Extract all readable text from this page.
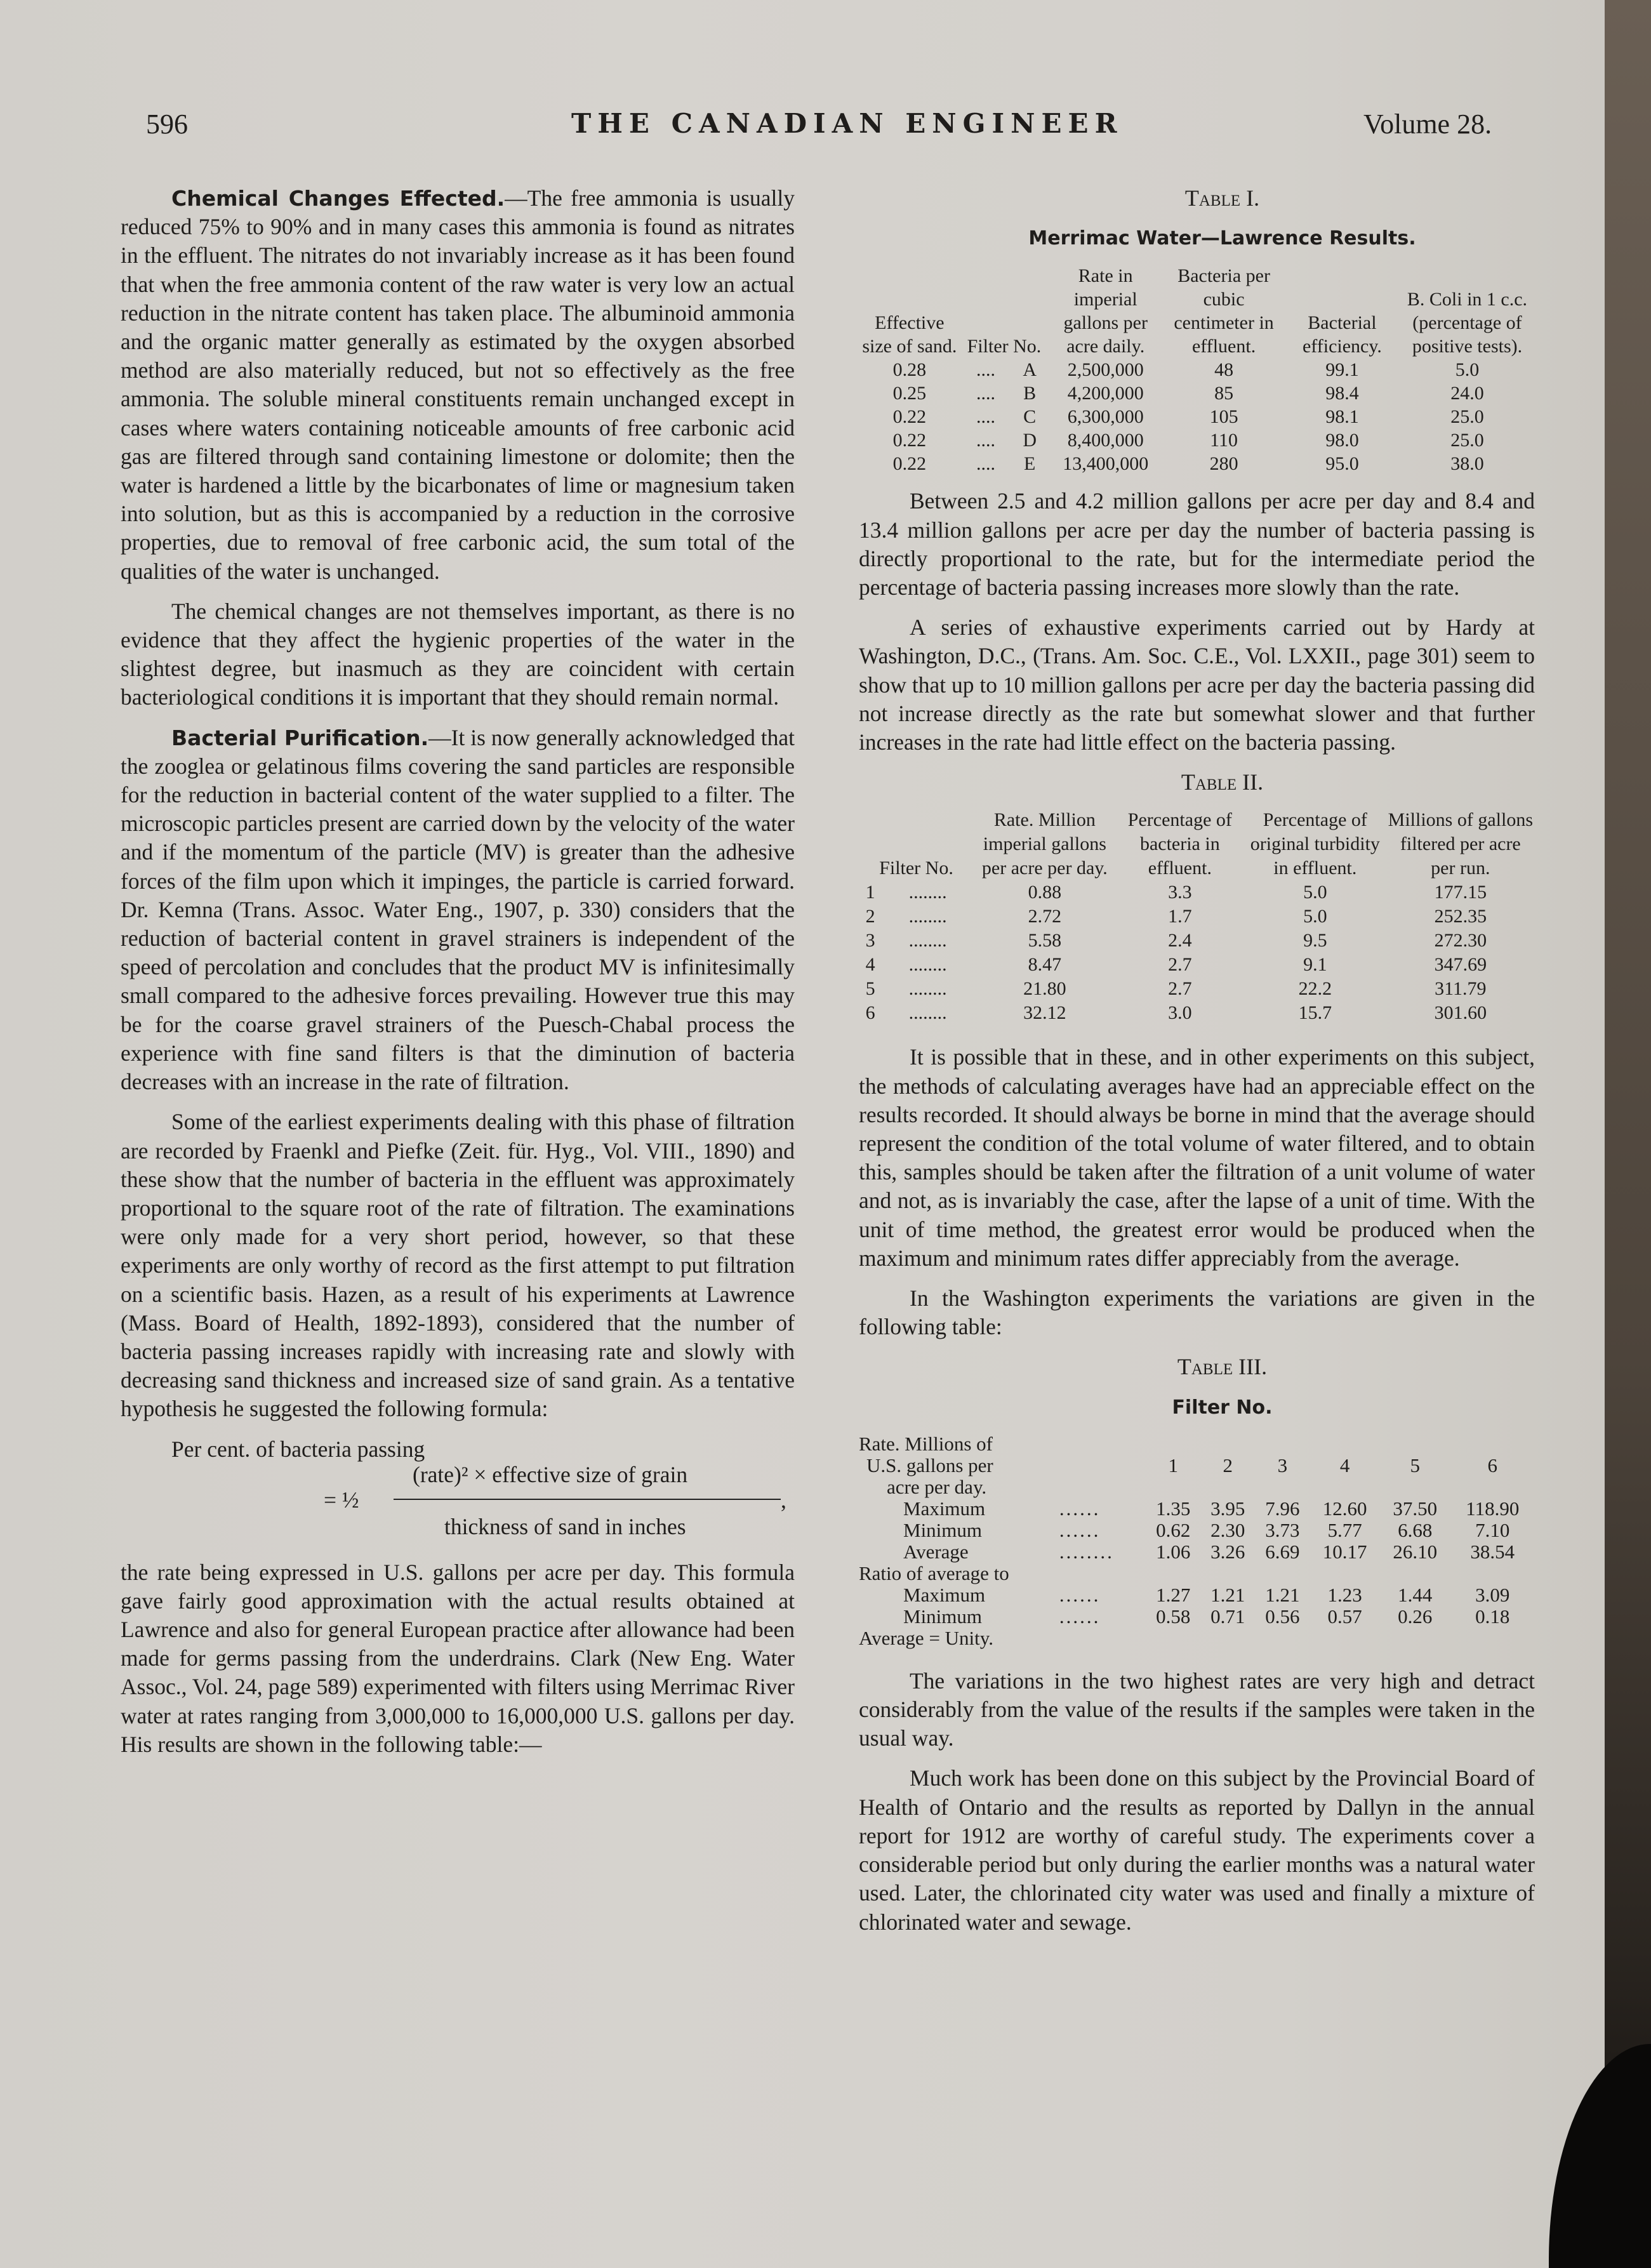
596	THE CANADIAN ENGINEER	Volume 28.

Chemical Changes Effected.—The free ammonia is usually reduced 75% to 90% and in many cases this ammonia is found as nitrates in the effluent. The nitrates do not invariably increase as it has been found that when the free ammonia content of the raw water is very low an actual reduction in the nitrate content has taken place. The albuminoid ammonia and the organic matter generally as estimated by the oxygen absorbed method are also materially reduced, but not so effectively as the free ammonia. The soluble mineral constituents remain unchanged except in cases where waters containing noticeable amounts of free carbonic acid gas are filtered through sand containing limestone or dolomite; then the water is hardened a little by the bicarbonates of lime or magnesium taken into solution, but as this is accompanied by a reduction in the corrosive properties, due to removal of free carbonic acid, the sum total of the qualities of the water is unchanged.

The chemical changes are not themselves important, as there is no evidence that they affect the hygienic properties of the water in the slightest degree, but inasmuch as they are coincident with certain bacteriological conditions it is important that they should remain normal.

Bacterial Purification.—It is now generally acknowledged that the zooglea or gelatinous films covering the sand particles are responsible for the reduction in bacterial content of the water supplied to a filter. The microscopic particles present are carried down by the velocity of the water and if the momentum of the particle (MV) is greater than the adhesive forces of the film upon which it impinges, the particle is carried forward. Dr. Kemna (Trans. Assoc. Water Eng., 1907, p. 330) considers that the reduction of bacterial content in gravel strainers is independent of the speed of percolation and concludes that the product MV is infinitesimally small compared to the adhesive forces prevailing. However true this may be for the coarse gravel strainers of the Puesch-Chabal process the experience with fine sand filters is that the diminution of bacteria decreases with an increase in the rate of filtration.

Some of the earliest experiments dealing with this phase of filtration are recorded by Fraenkl and Piefke (Zeit. für. Hyg., Vol. VIII., 1890) and these show that the number of bacteria in the effluent was approximately proportional to the square root of the rate of filtration. The examinations were only made for a very short period, however, so that these experiments are only worthy of record as the first attempt to put filtration on a scientific basis. Hazen, as a result of his experiments at Lawrence (Mass. Board of Health, 1892-1893), considered that the number of bacteria passing increases rapidly with increasing rate and slowly with decreasing sand thickness and increased size of sand grain. As a tentative hypothesis he suggested the following formula:

Per cent. of bacteria passing
= ½
(rate)² × effective size of grain
thickness of sand in inches
,

the rate being expressed in U.S. gallons per acre per day. This formula gave fairly good approximation with the actual results obtained at Lawrence and also for general European practice after allowance had been made for germs passing from the underdrains. Clark (New Eng. Water Assoc., Vol. 24, page 589) experimented with filters using Merrimac River water at rates ranging from 3,000,000 to 16,000,000 U.S. gallons per day. His results are shown in the following table:—

Table I.

Merrimac Water—Lawrence Results.

Effective size of sand.	Filter No.		Rate in imperial gallons per acre daily.	Bacteria per cubic centimeter in effluent.	Bacterial efficiency.	B. Coli in 1 c.c. (percentage of positive tests).
0.28	....	A	2,500,000	48	99.1	5.0
0.25	....	B	4,200,000	85	98.4	24.0
0.22	....	C	6,300,000	105	98.1	25.0
0.22	....	D	8,400,000	110	98.0	25.0
0.22	....	E	13,400,000	280	95.0	38.0

Between 2.5 and 4.2 million gallons per acre per day and 8.4 and 13.4 million gallons per acre per day the number of bacteria passing is directly proportional to the rate, but for the intermediate period the percentage of bacteria passing increases more slowly than the rate.

A series of exhaustive experiments carried out by Hardy at Washington, D.C., (Trans. Am. Soc. C.E., Vol. LXXII., page 301) seem to show that up to 10 million gallons per acre per day the bacteria passing did not increase directly as the rate but somewhat slower and that further increases in the rate had little effect on the bacteria passing.

Table II.

Filter No.		Rate. Million imperial gallons per acre per day.	Percentage of bacteria in effluent.	Percentage of original turbidity in effluent.	Millions of gallons filtered per acre per run.
1	........	0.88	3.3	5.0	177.15
2	........	2.72	1.7	5.0	252.35
3	........	5.58	2.4	9.5	272.30
4	........	8.47	2.7	9.1	347.69
5	........	21.80	2.7	22.2	311.79
6	........	32.12	3.0	15.7	301.60

It is possible that in these, and in other experiments on this subject, the methods of calculating averages have had an appreciable effect on the results recorded. It should always be borne in mind that the average should represent the condition of the total volume of water filtered, and to obtain this, samples should be taken after the filtration of a unit volume of water and not, as is invariably the case, after the lapse of a unit of time. With the unit of time method, the greatest error would be produced when the maximum and minimum rates differ appreciably from the average.

In the Washington experiments the variations are given in the following table:

Table III.

Filter No.

Rate. Millions of							
U.S. gallons per		1	2	3	4	5	6
acre per day.							
Maximum	......	1.35	3.95	7.96	12.60	37.50	118.90
Minimum	......	0.62	2.30	3.73	5.77	6.68	7.10
Average	........	1.06	3.26	6.69	10.17	26.10	38.54
Ratio of average to							
Maximum	......	1.27	1.21	1.21	1.23	1.44	3.09
Minimum	......	0.58	0.71	0.56	0.57	0.26	0.18
Average = Unity.							

The variations in the two highest rates are very high and detract considerably from the value of the results if the samples were taken in the usual way.

Much work has been done on this subject by the Provincial Board of Health of Ontario and the results as reported by Dallyn in the annual report for 1912 are worthy of careful study. The experiments cover a considerable period but only during the earlier months was a natural water used. Later, the chlorinated city water was used and finally a mixture of chlorinated water and sewage.
